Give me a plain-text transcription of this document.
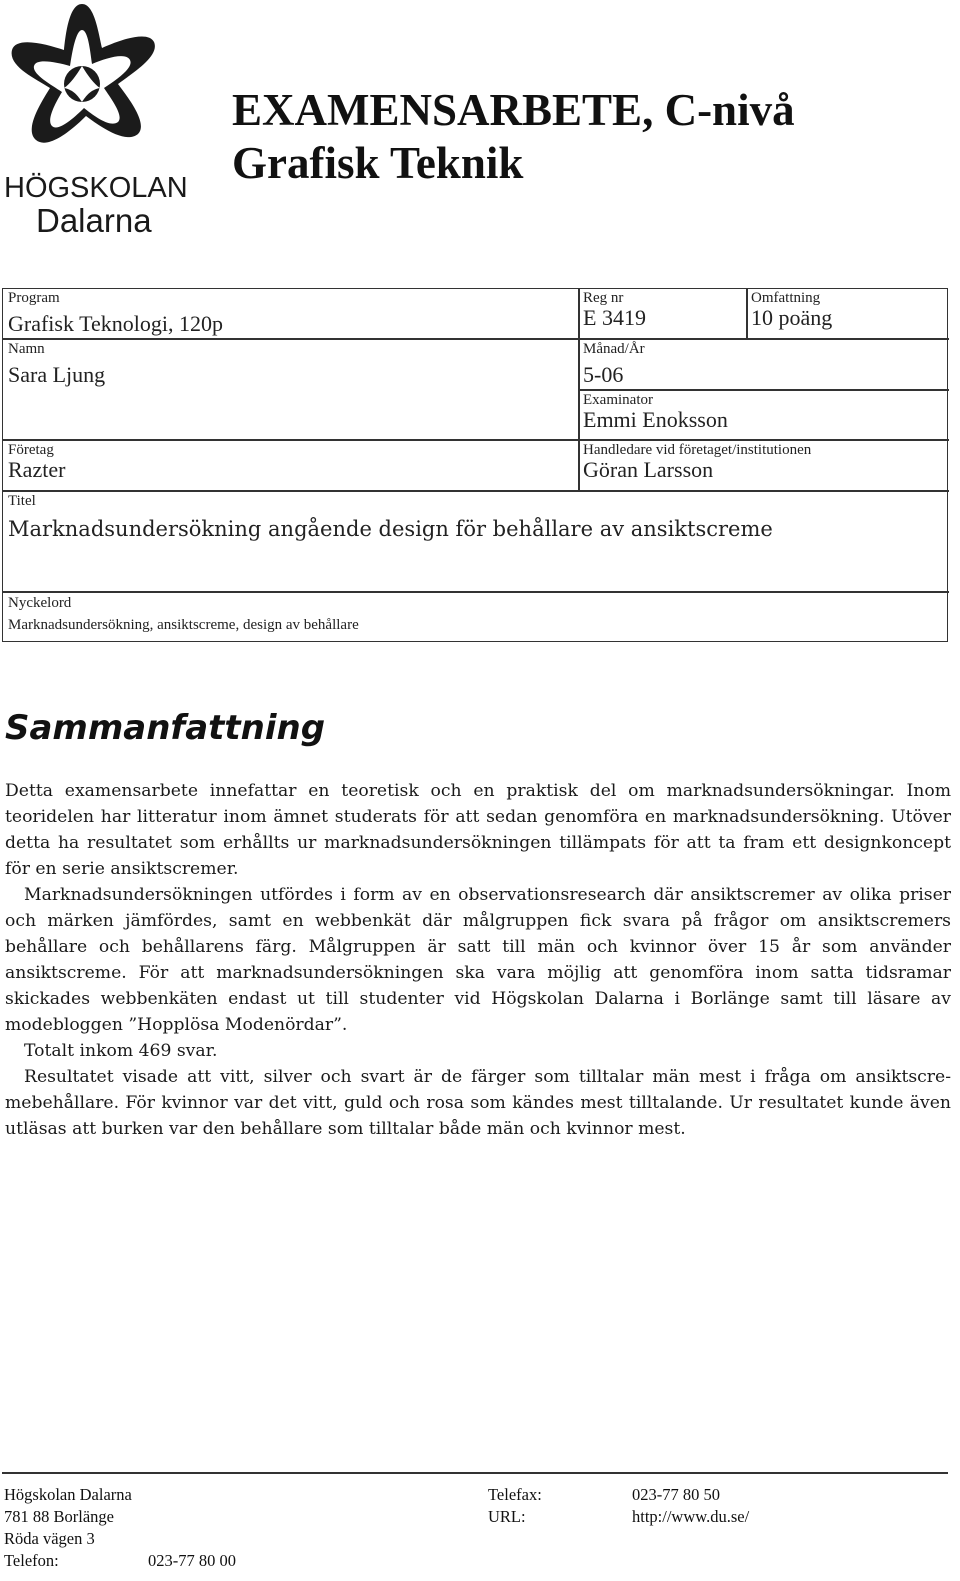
HÖGSKOLAN
Dalarna
EXAMENSARBETE, C-nivå
Grafisk Teknik
Program
Grafisk Teknologi, 120p
Reg nr
E 3419
Omfattning
10 poäng
Namn
Sara Ljung
Månad/År
5-06
Examinator
Emmi Enoksson
Företag
Razter
Handledare vid företaget/institutionen
Göran Larsson
Titel
Marknadsundersökning angående design för behållare av ansiktscreme
Nyckelord
Marknadsundersökning, ansiktscreme, design av behållare
Sammanfattning

Detta examensarbete innefattar en teoretisk och en praktisk del om marknadsundersökningar. Inom teoridelen har litteratur inom ämnet studerats för att sedan genomföra en marknadsundersökning. Utöver detta ha resultatet som erhållts ur marknadsundersökningen tillämpats för att ta fram ett designkoncept för en serie ansiktscremer.

Marknadsundersökningen utfördes i form av en observationsresearch där ansiktscremer av olika priser och märken jämfördes, samt en webbenkät där målgruppen fick svara på frågor om ansiktscremers behållare och behållarens färg. Målgruppen är satt till män och kvinnor över 15 år som använder ansiktscreme. För att marknadsundersökningen ska vara möjlig att genomföra inom satta tidsramar skickades webbenkäten endast ut till studenter vid Högskolan Dalarna i Borlänge samt till läsare av modebloggen ”Hopplösa Modenördar”.

Totalt inkom 469 svar.

Resultatet visade att vitt, silver och svart är de färger som tilltalar män mest i fråga om ansiktscremebehållare. För kvinnor var det vitt, guld och rosa som kändes mest tilltalande. Ur resultatet kunde även utläsas att burken var den behållare som tilltalar både män och kvinnor mest.

Högskolan Dalarna
781 88 Borlänge
Röda vägen 3
Telefon:	023-77 80 00
Telefax:	023-77 80 50
URL:	http://www.du.se/
